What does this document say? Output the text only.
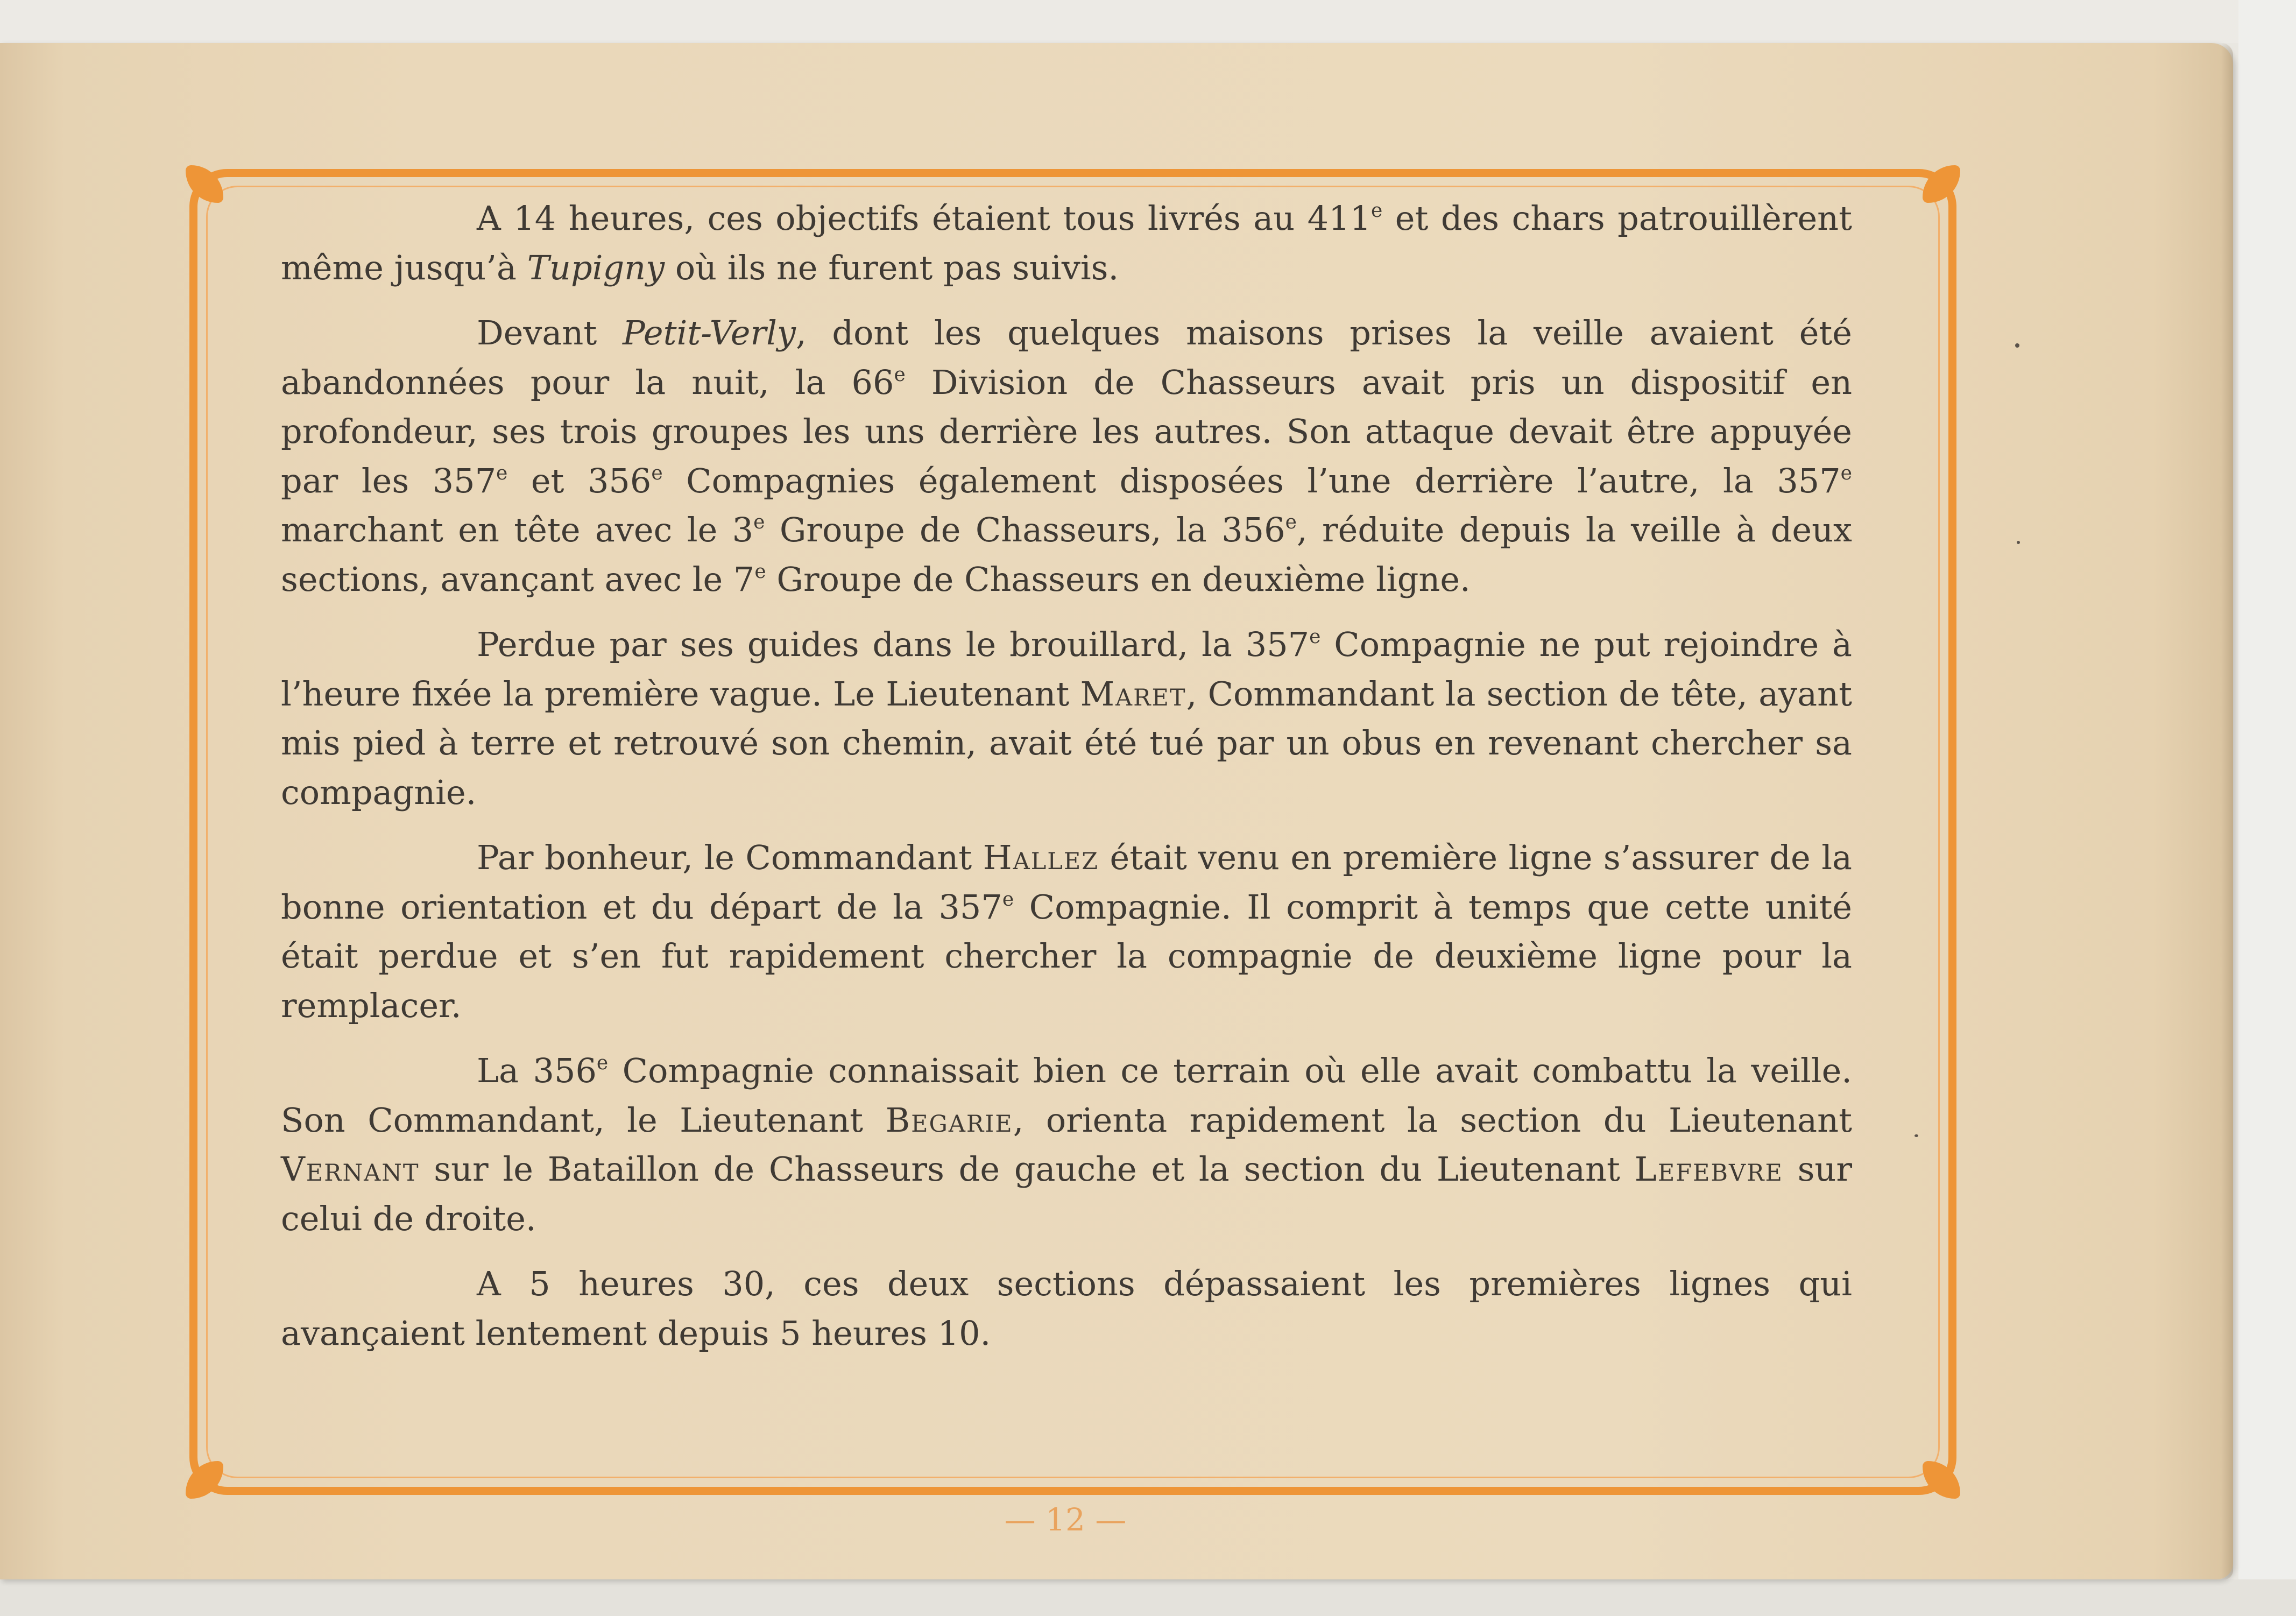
A 14 heures, ces objectifs étaient tous livrés au 411e et des chars patrouillèrent même jusqu’à Tupigny où ils ne furent pas suivis.

Devant Petit-Verly, dont les quelques maisons prises la veille avaient été abandonnées pour la nuit, la 66e Division de Chasseurs avait pris un dispositif en profondeur, ses trois groupes les uns derrière les autres. Son attaque devait être appuyée par les 357e et 356e Compagnies également disposées l’une derrière l’autre, la 357e marchant en tête avec le 3e Groupe de Chasseurs, la 356e, réduite depuis la veille à deux sections, avançant avec le 7e Groupe de Chasseurs en deuxième ligne.

Perdue par ses guides dans le brouillard, la 357e Compagnie ne put rejoindre à l’heure fixée la première vague. Le Lieutenant Maret, Commandant la section de tête, ayant mis pied à terre et retrouvé son chemin, avait été tué par un obus en revenant chercher sa compagnie.

Par bonheur, le Commandant Hallez était venu en première ligne s’assurer de la bonne orientation et du départ de la 357e Compagnie. Il comprit à temps que cette unité était perdue et s’en fut rapidement chercher la compagnie de deuxième ligne pour la remplacer.

La 356e Compagnie connaissait bien ce terrain où elle avait combattu la veille. Son Commandant, le Lieutenant Begarie, orienta rapidement la section du Lieutenant Vernant sur le Bataillon de Chasseurs de gauche et la section du Lieutenant Lefebvre sur celui de droite.

A 5 heures 30, ces deux sections dépassaient les premières lignes qui avançaient lentement depuis 5 heures 10.

— 12 —
